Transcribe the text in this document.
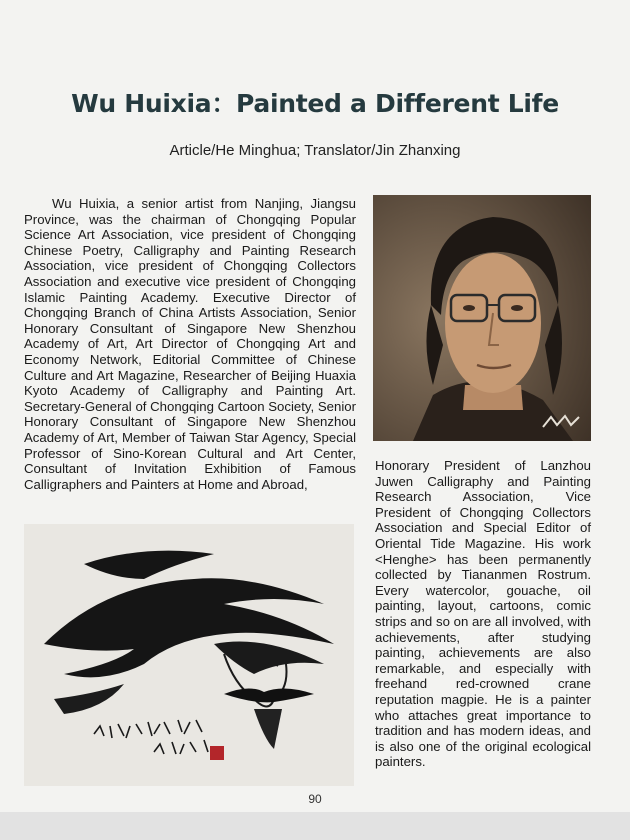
Wu Huixia：Painted a Different Life
Article/He Minghua; Translator/Jin Zhanxing

Wu Huixia, a senior artist from Nanjing, Jiangsu Province, was the chairman of Chongqing Popular Science Art Association, vice president of Chongqing Chinese Poetry, Calligraphy and Painting Research Association, vice president of Chongqing Collectors Association and executive vice president of Chongqing Islamic Painting Academy. Executive Director of Chongqing Branch of China Artists Association, Senior Honorary Consultant of Singapore New Shenzhou Academy of Art, Art Director of Chongqing Art and Economy Network, Editorial Committee of Chinese Culture and Art Magazine, Researcher of Beijing Huaxia Kyoto Academy of Calligraphy and Painting Art. Secretary-General of Chongqing Cartoon Society, Senior Honorary Consultant of Singapore New Shenzhou Academy of Art, Member of Taiwan Star Agency, Special Professor of Sino-Korean Cultural and Art Center, Consultant of Invitation Exhibition of Famous Calligraphers and Painters at Home and Abroad,

Honorary President of Lanzhou Juwen Calligraphy and Painting Research Association, Vice President of Chongqing Collectors Association and Special Editor of Oriental Tide Magazine. His work <Henghe> has been permanently collected by Tiananmen Rostrum. Every watercolor, gouache, oil painting, layout, cartoons, comic strips and so on are all involved, with achievements, after studying painting, achievements are also remarkable, and especially with freehand red-crowned crane reputation magpie. He is a painter who attaches great importance to tradition and has modern ideas, and is also one of the original ecological painters.

90
